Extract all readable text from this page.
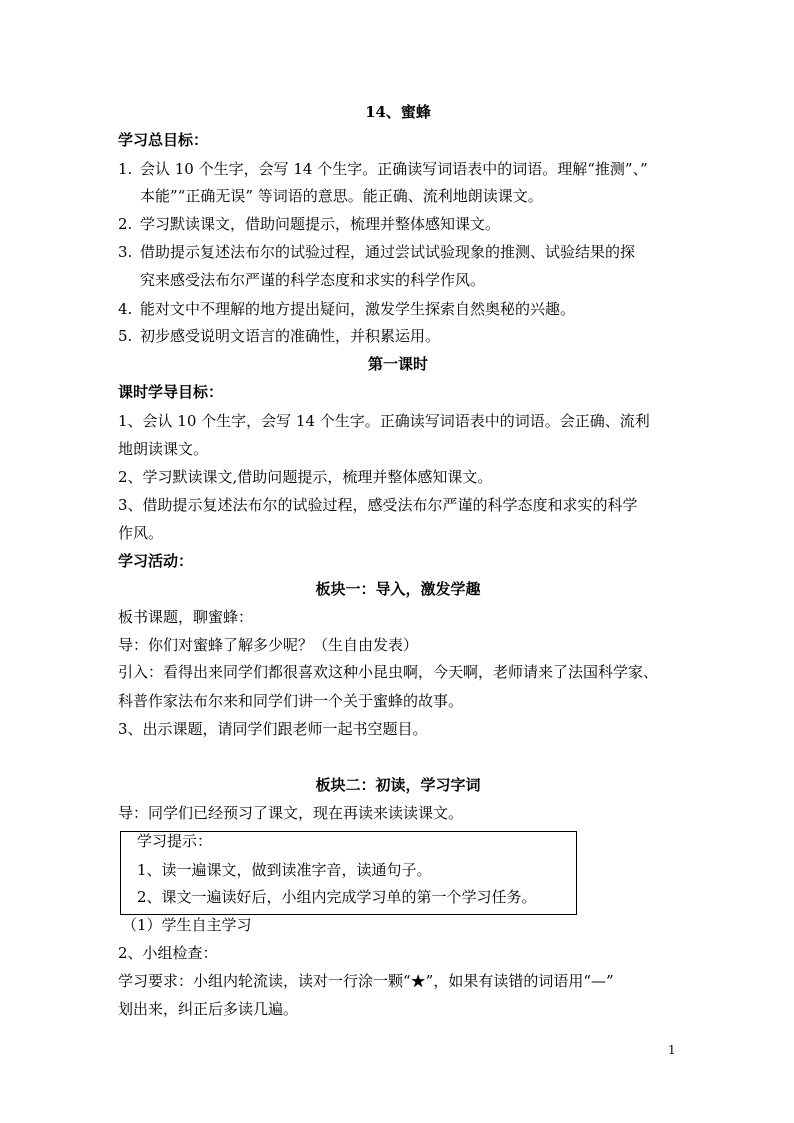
14、蜜蜂
学习总目标：
1. 会认 10 个生字，会写 14 个生字。正确读写词语表中的词语。理解“推测”、”
本能”“正确无误” 等词语的意思。能正确、流利地朗读课文。
2. 学习默读课文，借助问题提示，梳理并整体感知课文。
3. 借助提示复述法布尔的试验过程，通过尝试试验现象的推测、试验结果的探
究来感受法布尔严谨的科学态度和求实的科学作风。
4. 能对文中不理解的地方提出疑问，激发学生探索自然奥秘的兴趣。
5. 初步感受说明文语言的准确性，并积累运用。
第一课时
课时学导目标：
1、会认 10 个生字，会写 14 个生字。正确读写词语表中的词语。会正确、流利
地朗读课文。
2、学习默读课文,借助问题提示，梳理并整体感知课文。
3、借助提示复述法布尔的试验过程，感受法布尔严谨的科学态度和求实的科学
作风。
学习活动：
板块一：导入，激发学趣
板书课题，聊蜜蜂：
导：你们对蜜蜂了解多少呢？（生自由发表）
引入：看得出来同学们都很喜欢这种小昆虫啊，今天啊，老师请来了法国科学家、
科普作家法布尔来和同学们讲一个关于蜜蜂的故事。
3、出示课题，请同学们跟老师一起书空题目。
板块二：初读，学习字词
导：同学们已经预习了课文，现在再读来读读课文。
学习提示：
1、读一遍课文，做到读准字音，读通句子。
2、课文一遍读好后，小组内完成学习单的第一个学习任务。
（1）学生自主学习
2、小组检查：
学习要求：小组内轮流读，读对一行涂一颗“★”，如果有读错的词语用“—”
划出来，纠正后多读几遍。
1
